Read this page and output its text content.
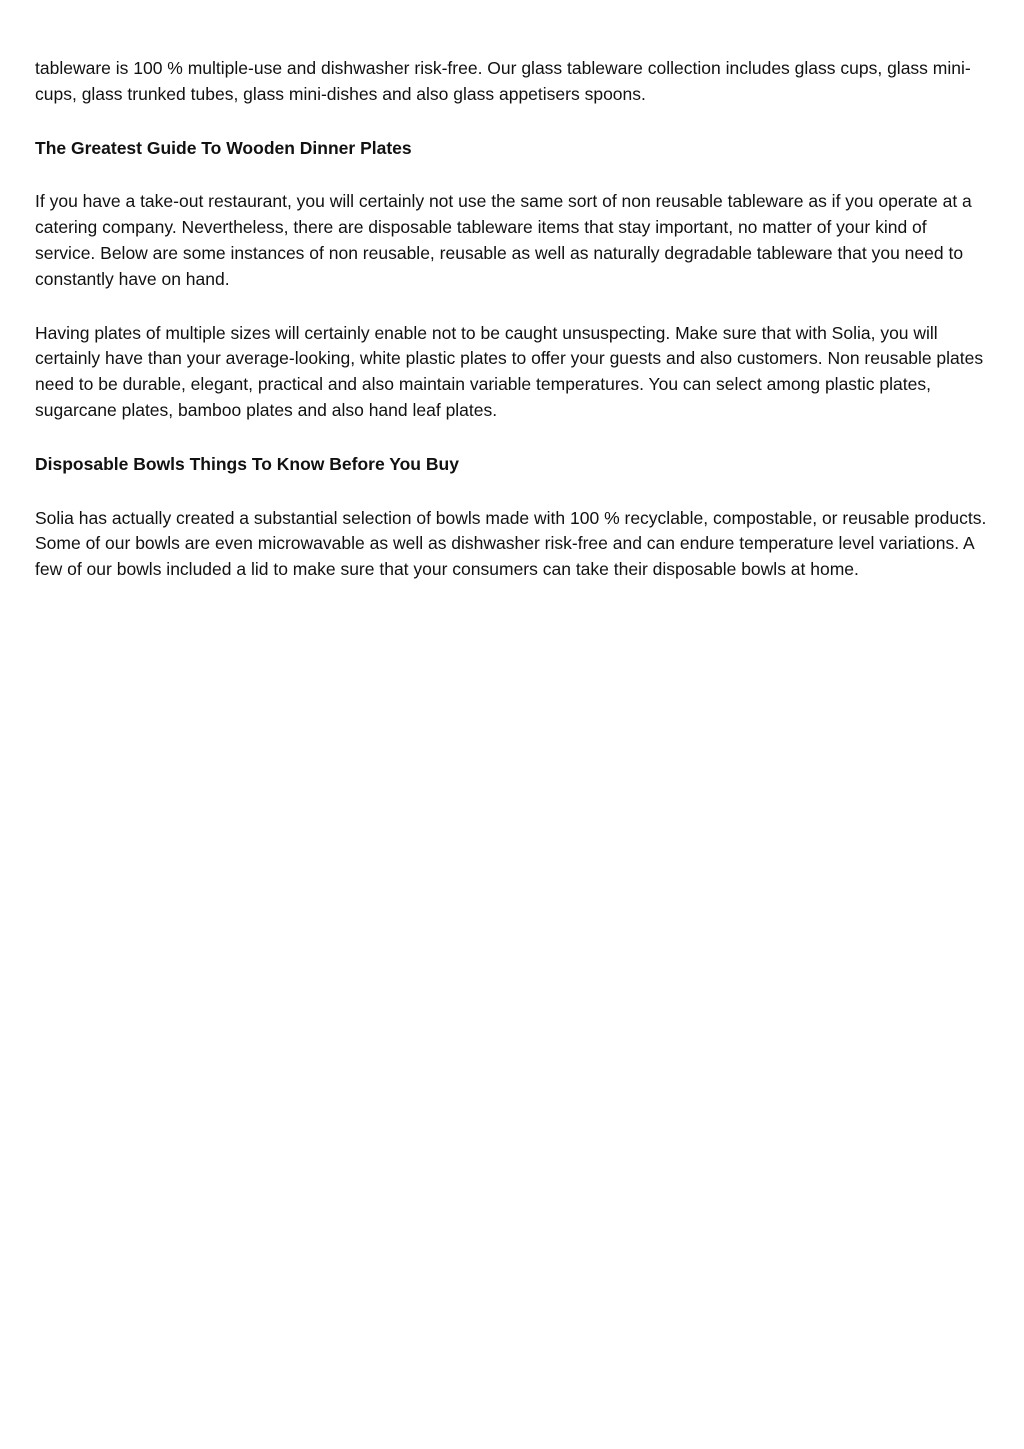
tableware is 100 % multiple-use and dishwasher risk-free. Our glass tableware collection includes glass cups, glass mini-cups, glass trunked tubes, glass mini-dishes and also glass appetisers spoons.

The Greatest Guide To Wooden Dinner Plates

If you have a take-out restaurant, you will certainly not use the same sort of non reusable tableware as if you operate at a catering company. Nevertheless, there are disposable tableware items that stay important, no matter of your kind of service. Below are some instances of non reusable, reusable as well as naturally degradable tableware that you need to constantly have on hand.

Having plates of multiple sizes will certainly enable not to be caught unsuspecting. Make sure that with Solia, you will certainly have than your average-looking, white plastic plates to offer your guests and also customers. Non reusable plates need to be durable, elegant, practical and also maintain variable temperatures. You can select among plastic plates, sugarcane plates, bamboo plates and also hand leaf plates.

Disposable Bowls Things To Know Before You Buy

Solia has actually created a substantial selection of bowls made with 100 % recyclable, compostable, or reusable products. Some of our bowls are even microwavable as well as dishwasher risk-free and can endure temperature level variations. A few of our bowls included a lid to make sure that your consumers can take their disposable bowls at home.
